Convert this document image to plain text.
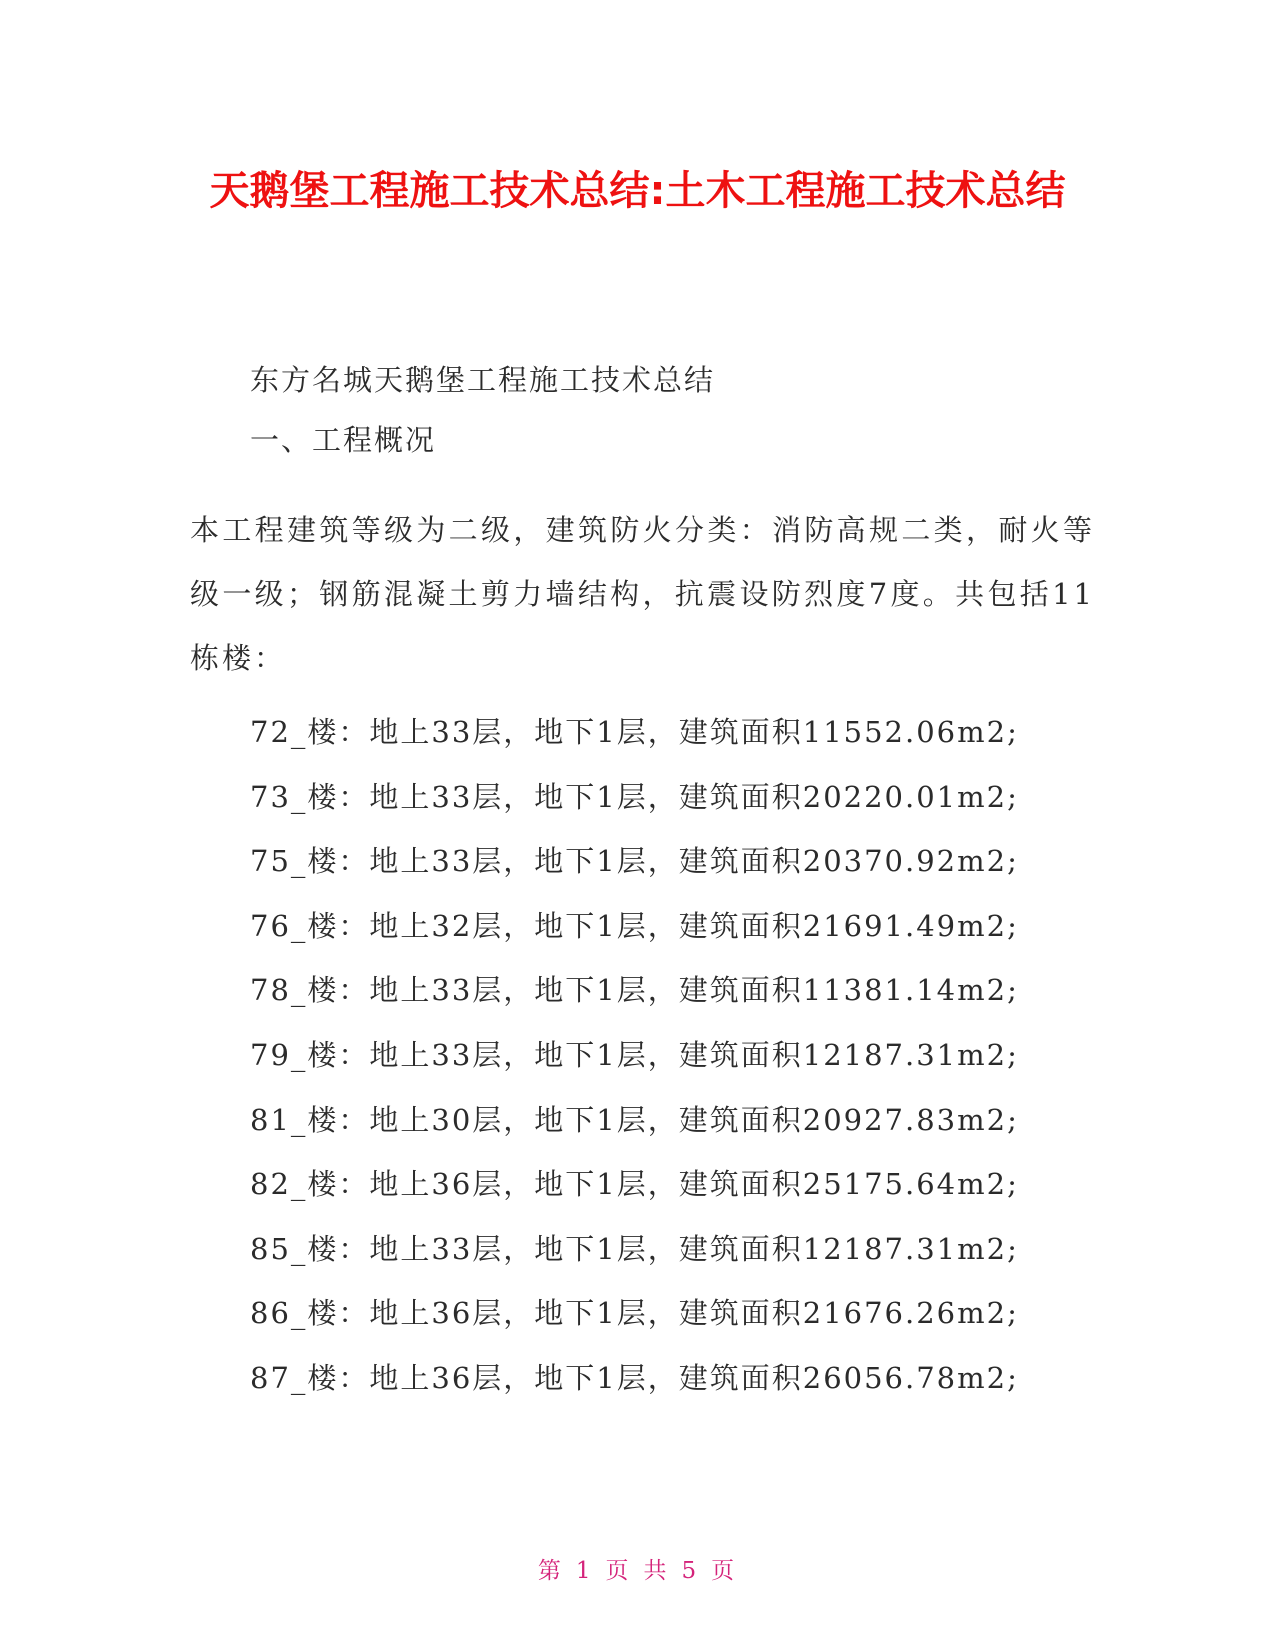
天鹅堡工程施工技术总结:土木工程施工技术总结

东方名城天鹅堡工程施工技术总结

一、工程概况

本工程建筑等级为二级，建筑防火分类：消防高规二类，耐火等级一级；钢筋混凝土剪力墙结构，抗震设防烈度7度。共包括11栋楼：

72_楼：地上33层，地下1层，建筑面积11552.06m2;
73_楼：地上33层，地下1层，建筑面积20220.01m2;
75_楼：地上33层，地下1层，建筑面积20370.92m2;
76_楼：地上32层，地下1层，建筑面积21691.49m2;
78_楼：地上33层，地下1层，建筑面积11381.14m2;
79_楼：地上33层，地下1层，建筑面积12187.31m2;
81_楼：地上30层，地下1层，建筑面积20927.83m2;
82_楼：地上36层，地下1层，建筑面积25175.64m2;
85_楼：地上33层，地下1层，建筑面积12187.31m2;
86_楼：地上36层，地下1层，建筑面积21676.26m2;
87_楼：地上36层，地下1层，建筑面积26056.78m2;
第 1 页 共 5 页
